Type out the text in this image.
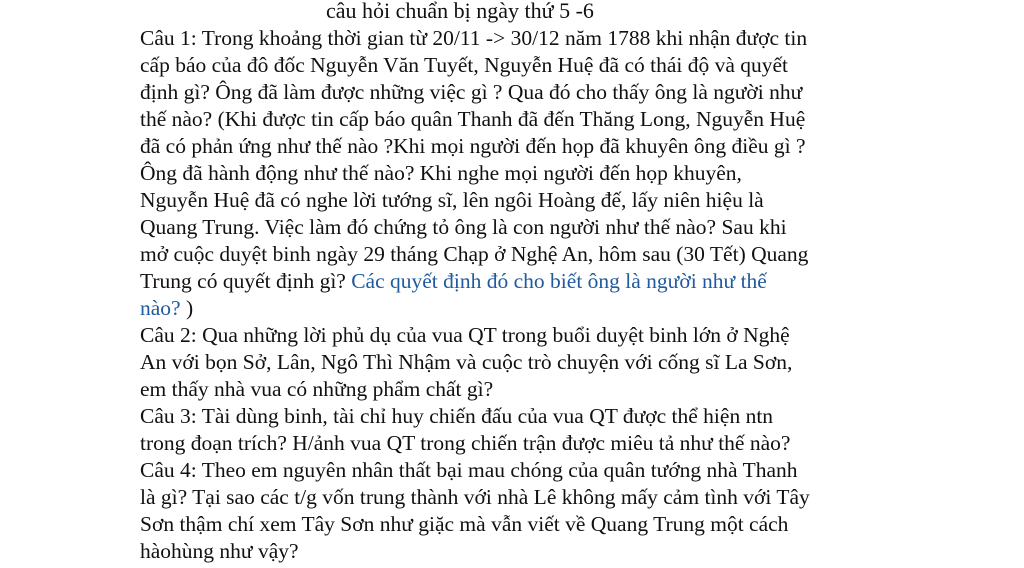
câu hỏi chuẩn bị ngày thứ 5 -6

Câu 1: Trong khoảng thời gian từ 20/11 -> 30/12 năm 1788 khi nhận được tin
cấp báo của đô đốc Nguyễn Văn Tuyết, Nguyễn Huệ đã có thái độ và quyết
định gì? Ông đã làm được những việc gì ? Qua đó cho thấy ông là người như
thế nào? (Khi được tin cấp báo quân Thanh đã đến Thăng Long, Nguyễn Huệ
đã có phản ứng như thế nào ?Khi mọi người đến họp đã khuyên ông điều gì ?
Ông đã hành động như thế nào? Khi nghe mọi người đến họp khuyên,
Nguyễn Huệ đã có nghe lời tướng sĩ, lên ngôi Hoàng đế, lấy niên hiệu là
Quang Trung. Việc làm đó chứng tỏ ông là con người như thế nào? Sau khi
mở cuộc duyệt binh ngày 29 tháng Chạp ở Nghệ An, hôm sau (30 Tết) Quang
Trung có quyết định gì? Các quyết định đó cho biết ông là người như thế
nào? )
Câu 2: Qua những lời phủ dụ của vua QT trong buổi duyệt binh lớn ở Nghệ
An với bọn Sở, Lân, Ngô Thì Nhậm và cuộc trò chuyện với cống sĩ La Sơn,
em thấy nhà vua có những phẩm chất gì?
Câu 3: Tài dùng binh, tài chỉ huy chiến đấu của vua QT được thể hiện ntn
trong đoạn trích? H/ảnh vua QT trong chiến trận được miêu tả như thế nào?
Câu 4: Theo em nguyên nhân thất bại mau chóng của quân tướng nhà Thanh
là gì? Tại sao các t/g vốn trung thành với nhà Lê không mấy cảm tình với Tây
Sơn thậm chí xem Tây Sơn như giặc mà vẫn viết về Quang Trung một cách
hàohùng như vậy?
